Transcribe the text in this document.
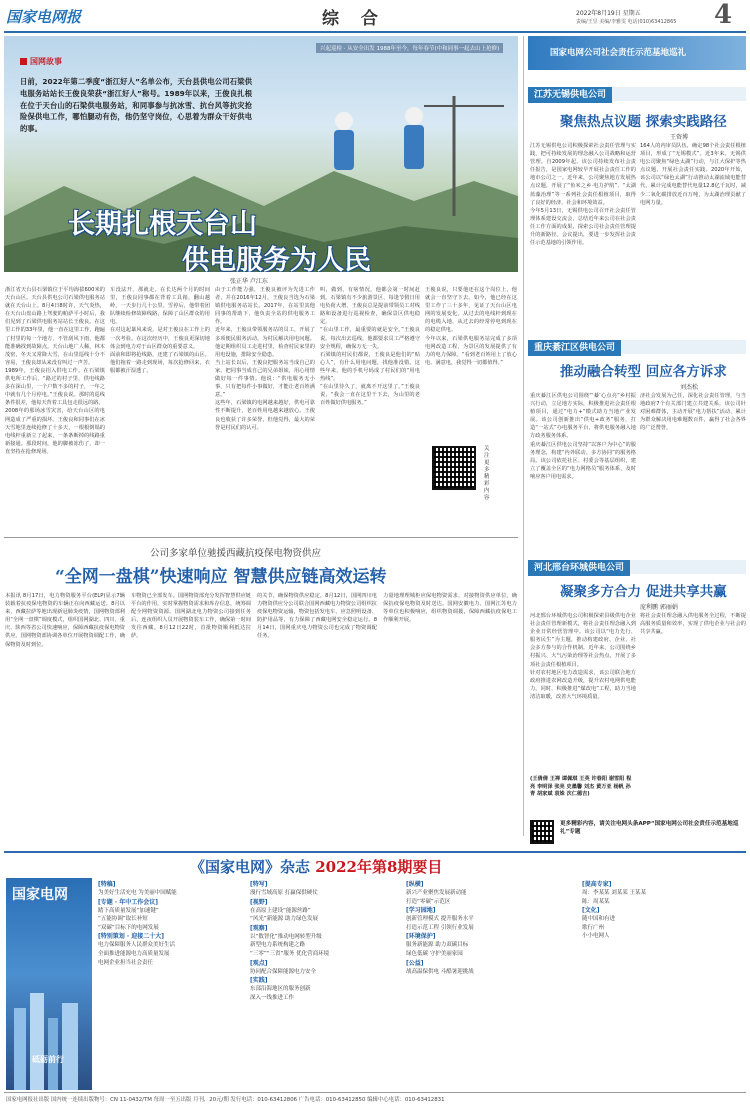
国家电网报	综 合	2022年8月19日 星期五
责编/王昱 美编/李雅雯 电话(010)63412865 4
兴起巡检 · 从安全出发 1988年至今，每年春节(中和同事一起去山上抢修)
国网故事
日前，2022年第二季度“浙江好人”名单公布，天台县供电公司石梁供电服务站站长王俊良荣获“浙江好人”称号。1989年以来，王俊良扎根在位于天台山的石梁供电服务站，和同事参与抗冰雪、抗台风等抗灾抢险保供电工作，哪怕腿动有伤，他仍坚守岗位，心思着为群众干好供电的事。
长期扎根天台山
供电服务为人民
张正华 卢江东

浙江省天台县石梁镇位于平均海拔600米的天台山区。天台县供电公司石梁供电服务站就在天台山上。8月4日8时许，天气炎热，在天台山盘山路上驾驶的帕萨平小时后，我们见到了石梁供电服务站站长王俊良。在这里工作的33年里，他一直在这里工作，跑遍了村里的每一个地方，不管刮风下雨，他都能准确找到故障点。天台山地广人稀，林木茂密，冬天又常降大雪，在山里巡线十分不容易，王俊良却从来没有叫过一声苦。

1989年，王俊良招入供电工作。在石梁镇供电所工作后，“路过的村子里，供电线路多在深山里，一个户数不多的村子，一年之中就有几个月停电。”王俊良说。那时的巡线条件很差，他每天背着工具包走很远的路。

2008年的那场冰雪灾害，给天台山区的电网造成了严重的损坏。王俊良和同事们在冰天雪地里连续抢修了十多天，一根根倒塌的电线杆重新立了起来，一条条断掉的线路重新接通。那段时间，他的脚被冻伤了，却一直坚持在抢修现场。

车没法开，那就走。在长达两个月的时间里，王俊良同事都在背着工具箱，翻山越岭，一天步行几十公里。雪停后，他带着团队继续检修故障线路，保障了山区群众的用电。

在对这起暴风来说，是对王俊良在工作上的一次考验。在这次经历中，王俊良更深切地体会到电力对于山区群众的重要意义。

面前和即将抢线路，还建了石梁镇的山区。他们拖着一路走到现场，每次抢修回来，衣服都被汗湿透了。

由于工作能力强，王俊良被评为先进工作者，并在2016年12月，王俊良当选为石梁镇供电服务站站长。2017年，在站里其他同事的帮助下，他负责全站的供电服务工作。

近年来，王俊良带领服务站的员工，开展了多项便民服务活动，为村民解决用电问题。他定期组织员工走进村里，检查村民家里的用电设施，排除安全隐患。

当上站长以后，王俊良把服务站当成自己的家，把同事当成自己的兄弟姐妹，用心用情做好每一件事情。他说：“供电服务无小事，只有把每件小事做好，才能让老百姓满意。”

这些年，石梁镇的电网越来越好，供电可靠性不断提升，老百姓用电越来越放心。王俊良也收获了许多荣誉，但他觉得，最大的荣誉是村民们的认可。

叫，做到，有啥情况，他都会第一时间赶到。石梁镇有不少旅游景区，每逢节假日用电负荷大增，王俊良总是提前带领员工对线路和设备进行巡视检查，确保景区供电稳定。

“在山里工作，最重要的就是安全。”王俊良说。每次出去巡线，他都要求员工严格遵守安全规程，确保万无一失。

石梁镇的村民们都说，王俊良是他们的“贴心人”，有什么用电问题，找他准没错。这些年来，他的手机号码成了村民们的“用电热线”。

“在山里待久了，就离不开这里了。”王俊良说，“我会一直在这里干下去，为山里的老百姓做好供电服务。”

王俊良说，只要他还在这个岗位上，他就会一直坚守下去。如今，他已经在这里工作了三十多年，见证了天台山区电网的发展变化。从过去的电线杆到现在的电缆入地，从过去的经常停电到现在的稳定供电。

今年以来，石梁供电服务站完成了多项电网改造工程，为景区的发展提供了有力的电力保障。“看到老百姓用上了放心电、满意电，我觉得一切都值得。”

关注更多精彩内容
公司多家单位驰援西藏抗疫保电物资供应
“全网一盘棋”快速响应 智慧供应链高效运转
本报讯 8月17日，电力物资服务平台(ELP)显示7辆装载着抗疫保电物资的车辆正在向西藏运送。8月以来，西藏拉萨等地出现新冠肺炎疫情，国网物资部利用“全网一盘棋”调度模式，组织国网湖北、四川、重庆、陕西等省公司快速响应，保障西藏抗疫保电物资供应。国网物资部协调各单位开展物资调配工作，确保物资及时到位。
车物资已全部发车。国网物资部充分发挥智慧供应链平台的作用，实时掌握物资需求和库存信息，统筹调配全网物资资源。国网湖北电力物资公司接到任务后，连夜组织人员开展物资装车工作，确保第一时间发往西藏。8月12日22时，首批物资顺利抵达拉萨。
的关节，确保物资供应稳定。8月12日，国网四川电力物资供应分公司联合国网西藏电力物资公司组织抗疫保电物资运输，物资包括发电车、应急照明设备、防护用品等，有力保障了西藏电网安全稳定运行。8月14日，国网重庆电力物资公司也完成了物资调配任务。
力量地理理城柜应保电物资需求，对接物资供应单位，确保抗疫保电物资及时送达。国网安徽电力、国网江苏电力等单位也积极响应，组织物资调拨，保障西藏抗疫保电工作顺利开展。
国家电网公司社会责任示范基地巡礼
江苏无锡供电公司
聚焦热点议题 探索实践路径
王资博

江苏无锡供电公司积极探索社会责任管理与实践，把可持续发展的理念融入公司战略和运营管理。自2009年起，该公司持续发布社会责任报告，是国家电网较早开展社会责任工作的地市公司之一。近年来，公司聚焦地方发展热点议题，开展了“鱼米之乡·电力护航”、“太湖蓝藻治理”等一系列社会责任根植项目，取得了良好的经济、社会和环境效益。

今年5月13日，无锡供电公司召开社会责任管理体系建设交流会，总结近年来公司在社会责任工作方面的成果，探索公司社会责任管理提升的新路径。会议提出，要进一步发挥社会责任示范基地的引领作用。

164人的内审员队伍，确定98个社会责任根植项目，形成了“无锡模式”。近3年来，无锡供电公司聚焦“绿色太湖”行动，与江大保护等热点议题，开展社会责任实践。2020年开始，该公司以“绿色太湖”行动推动太湖流域电能替代，累计完成电能替代电量12.8亿千瓦时，减少二氧化碳排放近百万吨，为太湖治理贡献了电网力量。
重庆綦江区供电公司
推动融合转型 回应各方诉求
刘杰松

重庆綦江区供电公司围绕“‘綦’心点亮”乡村振兴行动，立足地方实际，积极推进社会责任根植项目，通过“电力+”模式助力当地产业发展。该公司创新推出“供电+政务”服务，打造“一站式”办电服务平台，将供电服务融入地方政务服务体系。

重庆綦江区供电公司坚持“以客户为中心”的服务理念，构建“内外联动、多方协同”的服务格局。该公司依托社区、村委会等基层组织，建立了覆盖全区的“电力网格员”服务体系，及时响应客户用电需求。

济社会发展为己任，深化社会责任管理，与当地政府7个有关部门建立共建关系，该公司针对困难群体，主动开展“电力帮扶”活动，累计为群众解决用电难题数百件，赢得了社会各界的广泛赞誉。
河北邢台环城供电公司
凝聚多方合力 促进共享共赢
庞利鹏 郭丽娟

河北邢台环城供电公司积极探索县级供电企业社会责任管理新模式，将社会责任理念融入到企业日常经营管理中。该公司以“电力先行、服务民生”为主题，推动构建政府、企业、社会多方参与的合作机制。近年来，公司围绕乡村振兴、大气污染治理等社会热点，开展了多项社会责任根植项目。

针对农村地区电力改造需求，该公司联合地方政府推进农网改造升级，提升农村电网供电能力。同时，积极推进“煤改电”工程，助力当地清洁取暖，改善大气环境质量。

将社会责任理念融入供电服务全过程，不断提高服务质量和效率，实现了供电企业与社会的共享共赢。
(王倩倩 王禅 谭佩琪 王英 许春阳 谢雪阳 程亮 李明泽 张亮 史墨馨 刘杰 黄万亚 杨帆 孙青 胡家斌 袁姝 次仁德吉)
更多精彩内容，请关注电网头条APP“国家电网公司社会责任示范基地巡礼”专题
《国家电网》杂志 2022年第8期要目
国家电网
砥砺前行
[特稿]
为美好生活充电 为美丽中国赋能
[专题 · 年中工作会议]
踏下高质量发展“加速键”
“五能协调”取长补短
“双碳”目标下的电网发展
[特别策划 · 迎接二十大]
电力保障服务人民群众美好生活
全面推进能源电力高质量发展
电网企业担当社会责任
[特写]
漫行雪域高原 打赢保供硬仗
[视野]
在高原上建设“能源丝路”
“风光”新能源 助力绿色发展
[观察]
以“数智化”推动电网转型升级
新型电力系统构建之路
“三零”“三省”服务 优化营商环境
[观点]
协同配合保障能源电力安全
[实践]
东部沿海地区的服务创新
深入一线推进工作
[纵横]
新兴产业聚焦发展新动能
打造“零碳”示范区
[学习园地]
创新管理模式 提升服务水平
打造示范工程 引领行业发展
[环境保护]
服务新能源 助力双碳目标
绿色低碳 守护美丽家园
[公益]
战高温保供电 斗酷暑迎挑战
[提高专家]
周：李某某 刘某某 王某某
陈：周某某
[文化]
随中国和有进
歌行广州
小小电网人
国家电网报社出版 国内统一连续出版物号：CN 11-0432/TM 每周一至五出版 月刊，20元/期 发行电话：010-63412806 广告电话：010-63412850 编辑中心电话：010-63412831
